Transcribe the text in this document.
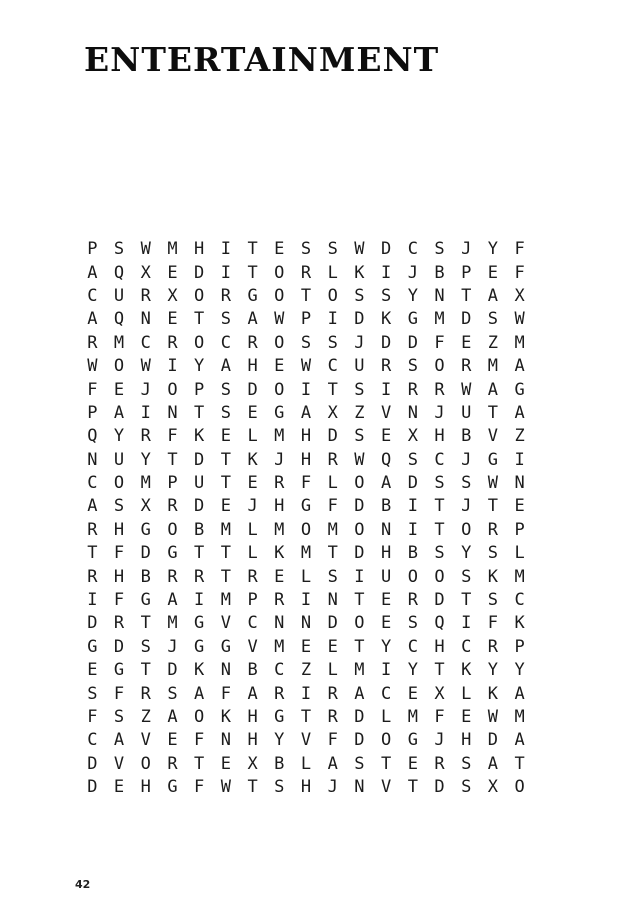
ENTERTAINMENT
P S W M H I T E S S W D C S J Y F
A Q X E D I T O R L K I J B P E F
C U R X O R G O T O S S Y N T A X
A Q N E T S A W P I D K G M D S W
R M C R O C R O S S J D D F E Z M
W O W I Y A H E W C U R S O R M A
F E J O P S D O I T S I R R W A G
P A I N T S E G A X Z V N J U T A
Q Y R F K E L M H D S E X H B V Z
N U Y T D T K J H R W Q S C J G I
C O M P U T E R F L O A D S S W N
A S X R D E J H G F D B I T J T E
R H G O B M L M O M O N I T O R P
T F D G T T L K M T D H B S Y S L
R H B R R T R E L S I U O O S K M
I F G A I M P R I N T E R D T S C
D R T M G V C N N D O E S Q I F K
G D S J G G V M E E T Y C H C R P
E G T D K N B C Z L M I Y T K Y Y
S F R S A F A R I R A C E X L K A
F S Z A O K H G T R D L M F E W M
C A V E F N H Y V F D O G J H D A
D V O R T E X B L A S T E R S A T
D E H G F W T S H J N V T D S X O
42
